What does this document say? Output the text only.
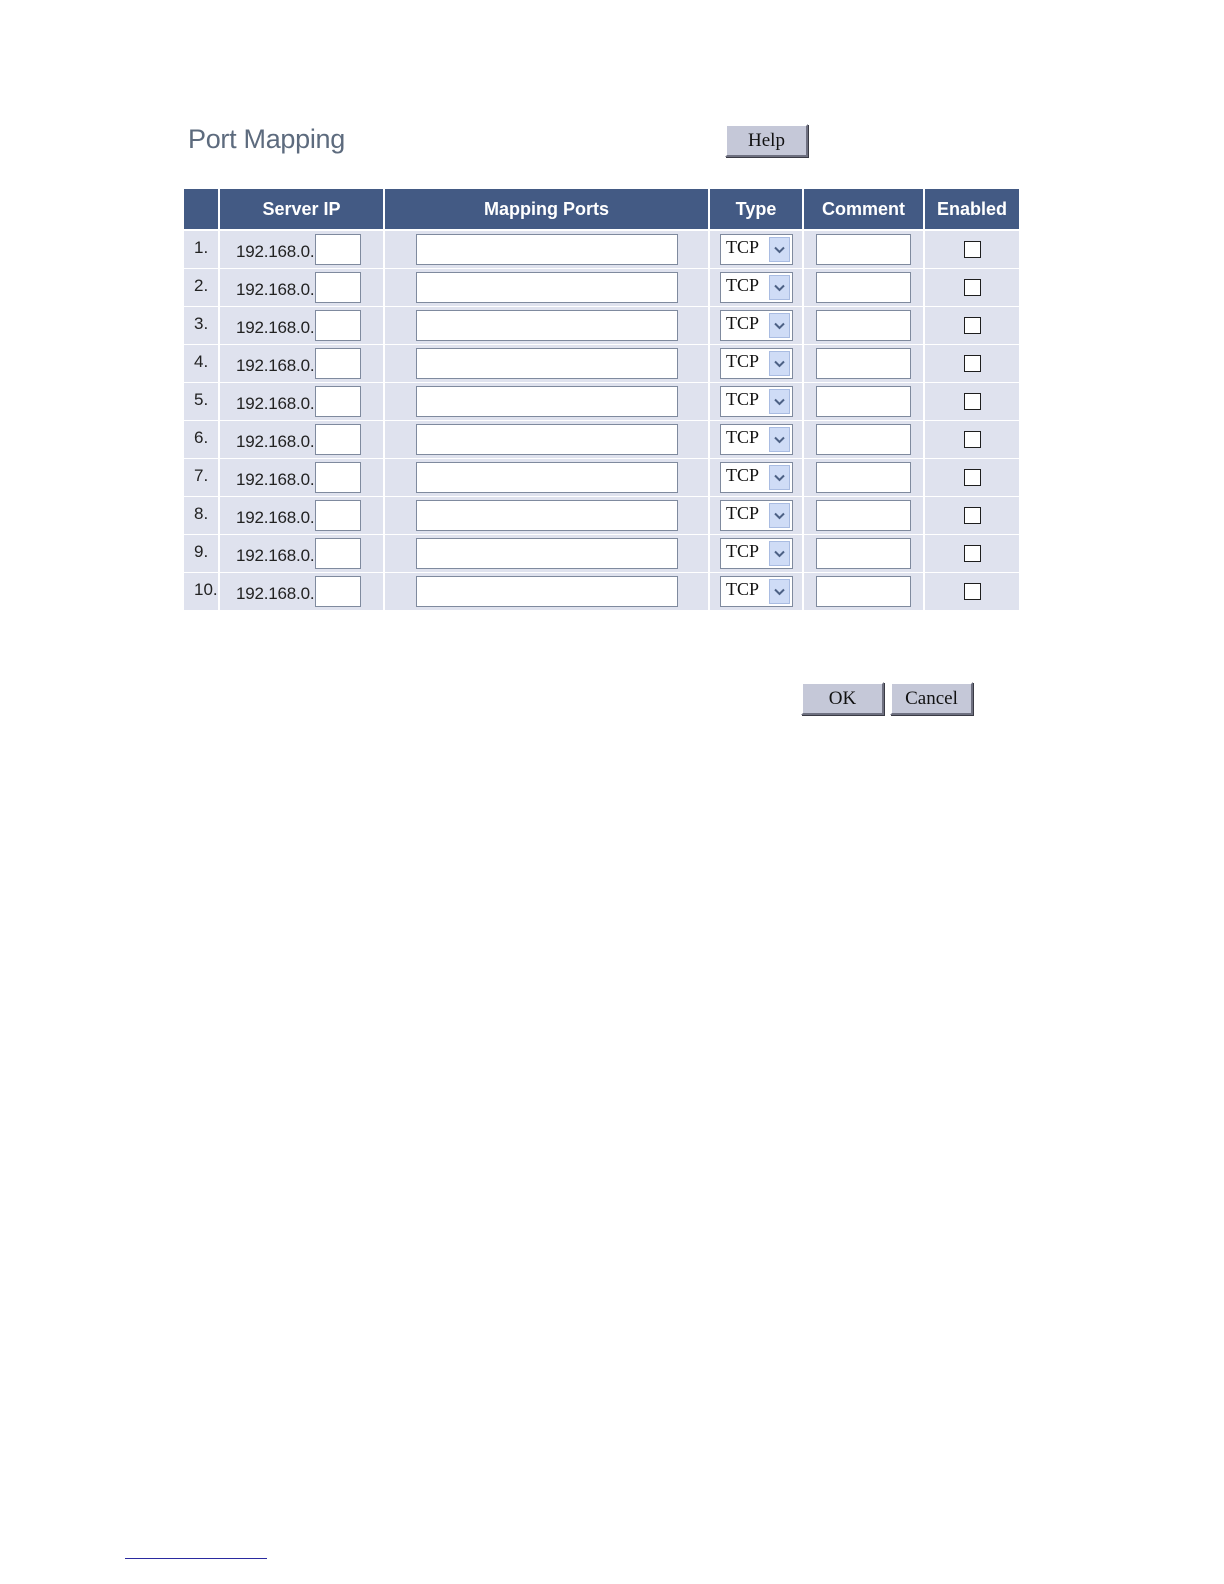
Port Mapping	Help
	Server IP	Mapping Ports	Type	Comment	Enabled

1.	192.168.0.		TCP

2.	192.168.0.		TCP

3.	192.168.0.		TCP

4.	192.168.0.		TCP

5.	192.168.0.		TCP

6.	192.168.0.		TCP

7.	192.168.0.		TCP

8.	192.168.0.		TCP

9.	192.168.0.		TCP

10.	192.168.0.		TCP

OK	Cancel
